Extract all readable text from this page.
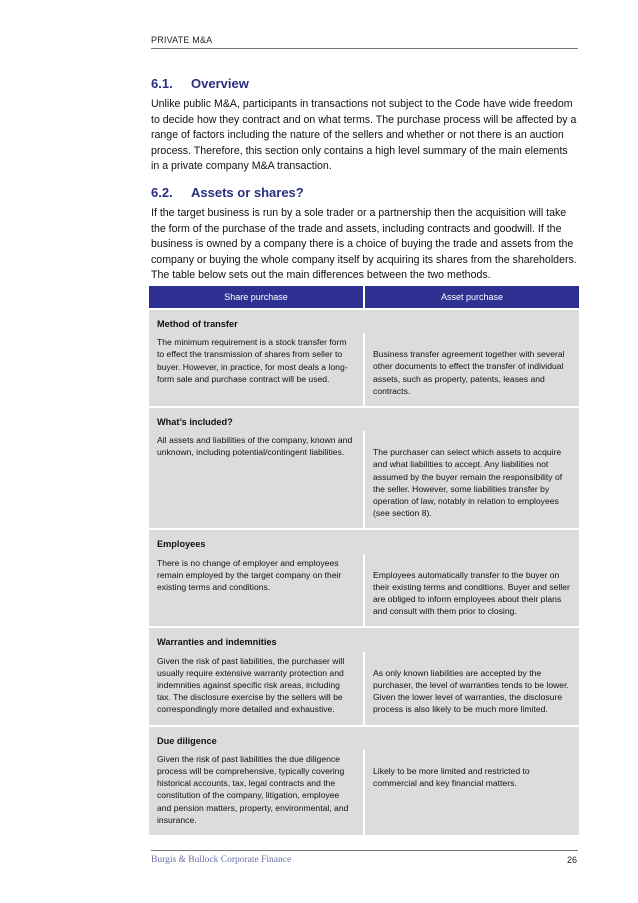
PRIVATE M&A
6.1. Overview
Unlike public M&A, participants in transactions not subject to the Code have wide freedom to decide how they contract and on what terms. The purchase process will be affected by a range of factors including the nature of the sellers and whether or not there is an auction process. Therefore, this section only contains a high level summary of the main elements in a private company M&A transaction.
6.2. Assets or shares?
If the target business is run by a sole trader or a partnership then the acquisition will take the form of the purchase of the trade and assets, including contracts and goodwill. If the business is owned by a company there is a choice of buying the trade and assets from the company or buying the whole company itself by acquiring its shares from the shareholders. The table below sets out the main differences between the two methods.
Share purchase	Asset purchase

Method of transfer	
The minimum requirement is a stock transfer form to effect the transmission of shares from seller to buyer. However, in practice, for most deals a long-form sale and purchase contract will be used.	Business transfer agreement together with several other documents to effect the transfer of individual assets, such as property, patents, leases and contracts.

What’s included?	
All assets and liabilities of the company, known and unknown, including potential/contingent liabilities.	The purchaser can select which assets to acquire and what liabilities to accept. Any liabilities not assumed by the buyer remain the responsibility of the seller. However, some liabilities transfer by operation of law, notably in relation to employees (see section 8).

Employees	
There is no change of employer and employees remain employed by the target company on their existing terms and conditions.	Employees automatically transfer to the buyer on their existing terms and conditions. Buyer and seller are obliged to inform employees about their plans and consult with them prior to closing.

Warranties and indemnities	
Given the risk of past liabilities, the purchaser will usually require extensive warranty protection and indemnities against specific risk areas, including tax. The disclosure exercise by the sellers will be correspondingly more detailed and exhaustive.	As only known liabilities are accepted by the purchaser, the level of warranties tends to be lower. Given the lower level of warranties, the disclosure process is also likely to be much more limited.

Due diligence	
Given the risk of past liabilities the due diligence process will be comprehensive, typically covering historical accounts, tax, legal contracts and the constitution of the company, litigation, employee and pension matters, property, environmental, and insurance.	Likely to be more limited and restricted to commercial and key financial matters.
Burgis & Bullock Corporate Finance	26
